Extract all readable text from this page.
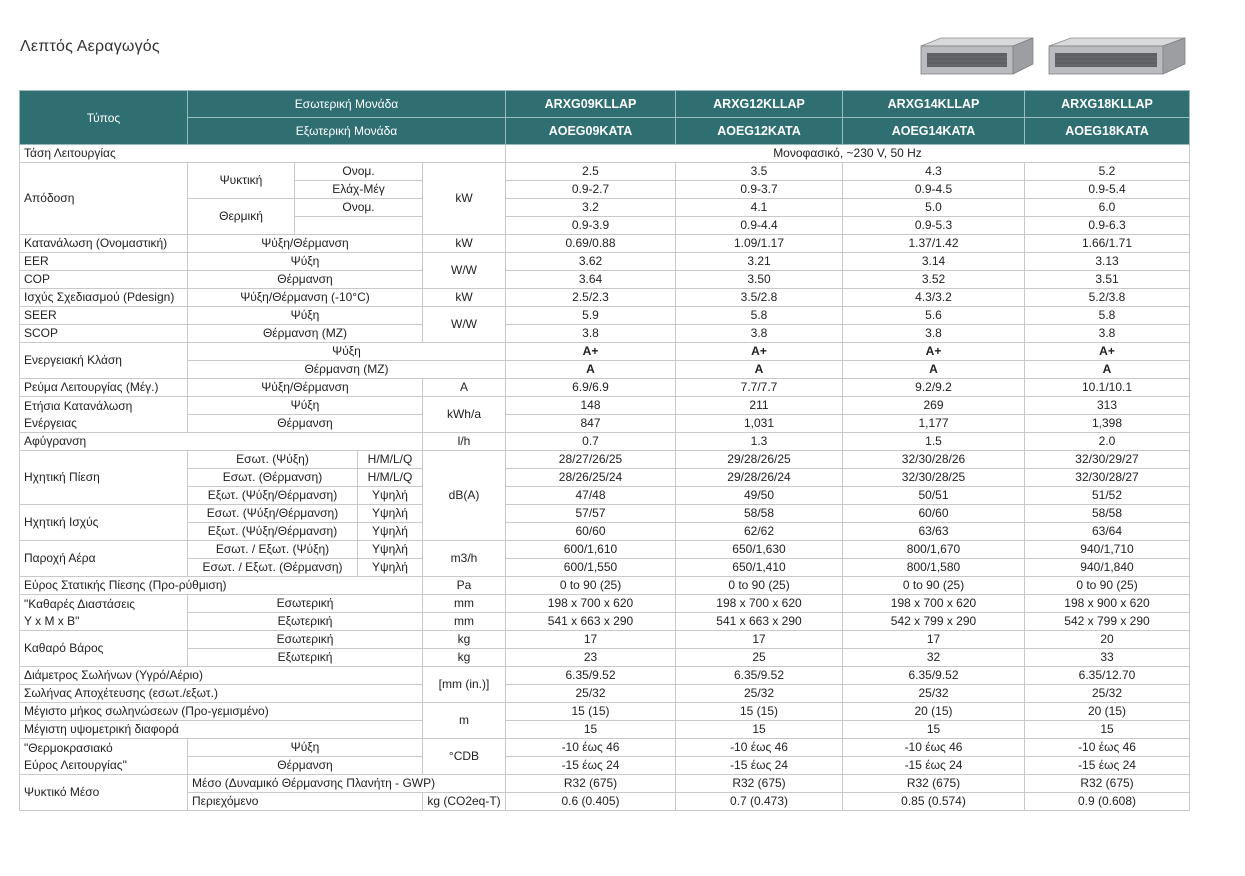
Λεπτός Αεραγωγός
Τύπος	Εσωτερική Μονάδα				ARXG09KLLAP	ARXG12KLLAP	ARXG14KLLAP	ARXG18KLLAP
	Εξωτερική Μονάδα				AOEG09KATA	AOEG12KATA	AOEG14KATA	AOEG18KATA
Τάση Λειτουργίας					Μονοφασικό, ~230 V, 50 Hz			
Απόδοση	Ψυκτική	Ονομ.		kW	2.5	3.5	4.3	5.2
		Ελάχ-Μέγ			0.9-2.7	0.9-3.7	0.9-4.5	0.9-5.4
	Θερμική	Ονομ.			3.2	4.1	5.0	6.0
					0.9-3.9	0.9-4.4	0.9-5.3	0.9-6.3
Κατανάλωση (Ονομαστική)	Ψύξη/Θέρμανση			kW	0.69/0.88	1.09/1.17	1.37/1.42	1.66/1.71
EER	Ψύξη			W/W	3.62	3.21	3.14	3.13
COP	Θέρμανση				3.64	3.50	3.52	3.51
Ισχύς Σχεδιασμού (Pdesign)	Ψύξη/Θέρμανση (-10°C)			kW	2.5/2.3	3.5/2.8	4.3/3.2	5.2/3.8
SEER	Ψύξη			W/W	5.9	5.8	5.6	5.8
SCOP	Θέρμανση (MZ)				3.8	3.8	3.8	3.8
Ενεργειακή Κλάση	Ψύξη				A+	A+	A+	A+
	Θέρμανση (MZ)				A	A	A	A
Ρεύμα Λειτουργίας (Μέγ.)	Ψύξη/Θέρμανση			A	6.9/6.9	7.7/7.7	9.2/9.2	10.1/10.1
Ετήσια Κατανάλωση Ενέργειας	Ψύξη			kWh/a	148	211	269	313
	Θέρμανση				847	1,031	1,177	1,398
Αφύγρανση				l/h	0.7	1.3	1.5	2.0
Ηχητική Πίεση	Εσωτ. (Ψύξη)		H/M/L/Q	dB(A)	28/27/26/25	29/28/26/25	32/30/28/26	32/30/29/27
	Εσωτ. (Θέρμανση)		H/M/L/Q		28/26/25/24	29/28/26/24	32/30/28/25	32/30/28/27
	Εξωτ. (Ψύξη/Θέρμανση)		Υψηλή		47/48	49/50	50/51	51/52
Ηχητική Ισχύς	Εσωτ. (Ψύξη/Θέρμανση)		Υψηλή		57/57	58/58	60/60	58/58
	Εξωτ. (Ψύξη/Θέρμανση)		Υψηλή		60/60	62/62	63/63	63/64
Παροχή Αέρα	Εσωτ. / Εξωτ. (Ψύξη)		Υψηλή	m3/h	600/1,610	650/1,630	800/1,670	940/1,710
	Εσωτ. / Εξωτ. (Θέρμανση)		Υψηλή		600/1,550	650/1,410	800/1,580	940/1,840
Εύρος Στατικής Πίεσης (Προ-ρύθμιση)				Pa	0 to 90 (25)	0 to 90 (25)	0 to 90 (25)	0 to 90 (25)

"Καθαρές Διαστάσεις
Υ x Μ x Β"	Εσωτερική			mm	198 x 700 x 620	198 x 700 x 620	198 x 700 x 620	198 x 900 x 620
	Εξωτερική			mm	541 x 663 x 290	541 x 663 x 290	542 x 799 x 290	542 x 799 x 290
Καθαρό Βάρος	Εσωτερική			kg	17	17	17	20
	Εξωτερική			kg	23	25	32	33
Διάμετρος Σωλήνων (Υγρό/Αέριο)				[mm (in.)]	6.35/9.52	6.35/9.52	6.35/9.52	6.35/12.70
Σωλήνας Αποχέτευσης (εσωτ./εξωτ.)					25/32	25/32	25/32	25/32
Μέγιστο μήκος σωληνώσεων (Προ-γεμισμένο)				m	15 (15)	15 (15)	20 (15)	20 (15)
Μέγιστη υψομετρική διαφορά					15	15	15	15

"Θερμοκρασιακό
Εύρος Λειτουργίας"	Ψύξη			°CDB	-10 έως 46	-10 έως 46	-10 έως 46	-10 έως 46
	Θέρμανση				-15 έως 24	-15 έως 24	-15 έως 24	-15 έως 24
Ψυκτικό Μέσο	Μέσο (Δυναμικό Θέρμανσης Πλανήτη - GWP)				R32 (675)	R32 (675)	R32 (675)	R32 (675)
	Περιεχόμενο			kg (CO2eq-T)	0.6 (0.405)	0.7 (0.473)	0.85 (0.574)	0.9 (0.608)
